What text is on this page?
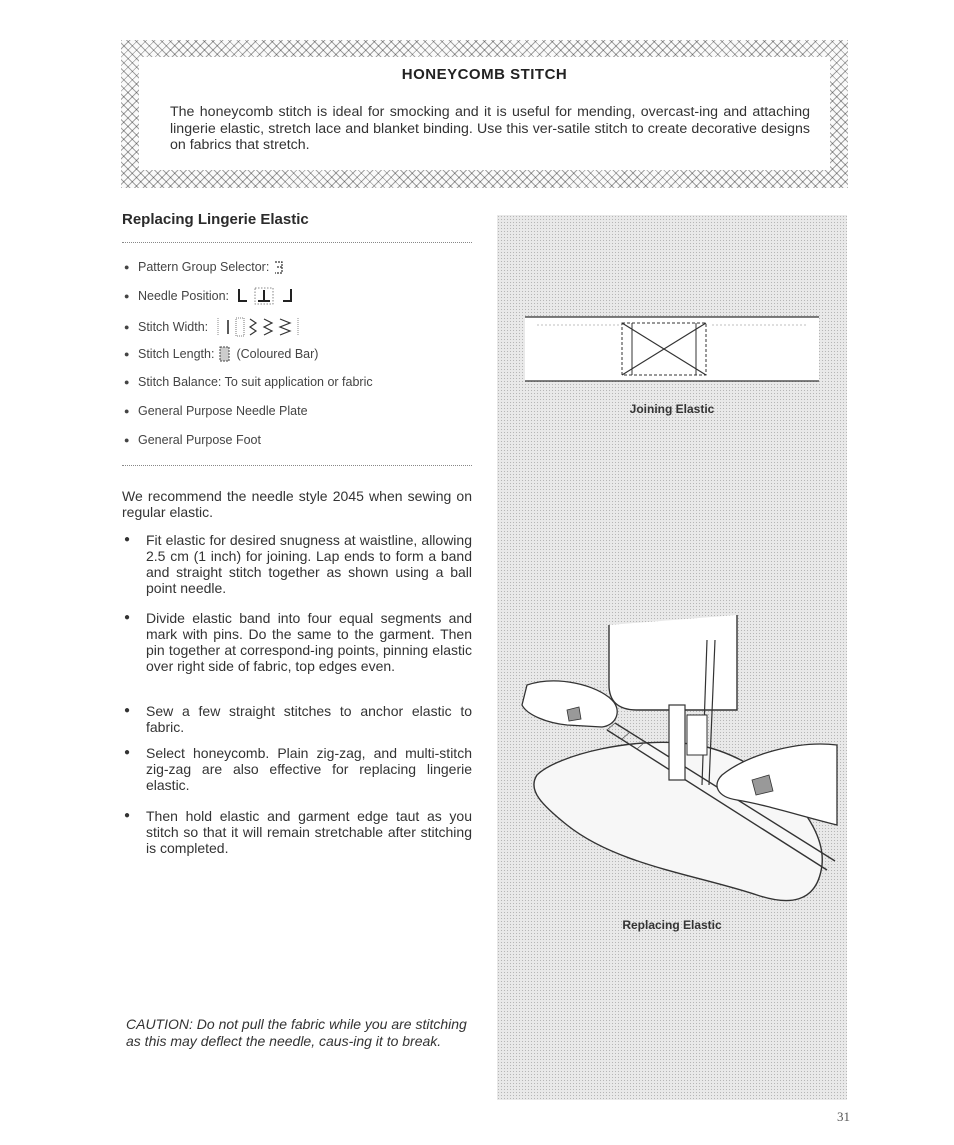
HONEYCOMB STITCH
The honeycomb stitch is ideal for smocking and it is useful for mending, overcast-ing and attaching lingerie elastic, stretch lace and blanket binding. Use this ver-satile stitch to create decorative designs on fabrics that stretch.
Replacing Lingerie Elastic
● Pattern Group Selector:
● Needle Position:
● Stitch Width:
● Stitch Length: (Coloured Bar)
● Stitch Balance: To suit application or fabric
● General Purpose Needle Plate
● General Purpose Foot
We recommend the needle style 2045 when sewing on regular elastic.
●	Fit elastic for desired snugness at waistline, allowing 2.5 cm (1 inch) for joining. Lap ends to form a band and straight stitch together as shown using a ball point needle.
●	Divide elastic band into four equal segments and mark with pins. Do the same to the garment. Then pin together at correspond-ing points, pinning elastic over right side of fabric, top edges even.
●	Sew a few straight stitches to anchor elastic to fabric.
●	Select honeycomb. Plain zig-zag, and multi-stitch zig-zag are also effective for replacing lingerie elastic.
●	Then hold elastic and garment edge taut as you stitch so that it will remain stretchable after stitching is completed.
CAUTION: Do not pull the fabric while you are stitching as this may deflect the needle, caus-ing it to break.
Joining Elastic
Replacing Elastic
31
